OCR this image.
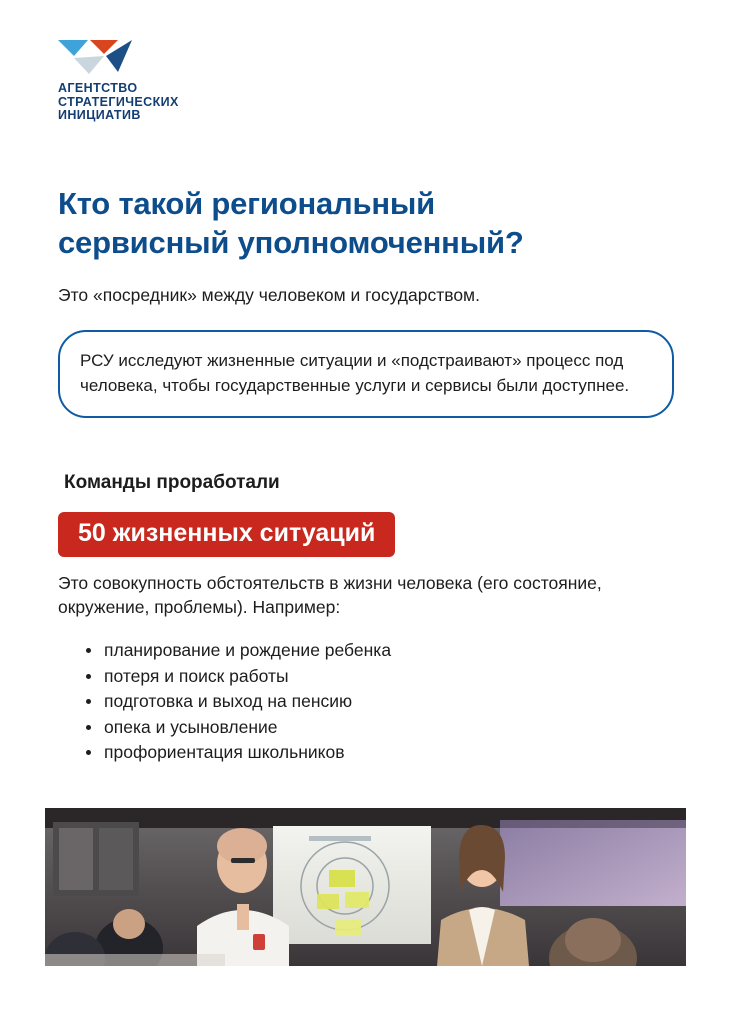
АГЕНТСТВО
СТРАТЕГИЧЕСКИХ
ИНИЦИАТИВ
Кто такой региональный
сервисный уполномоченный?
Это «посредник» между человеком и государством.

РСУ исследуют жизненные ситуации и «подстраивают» процесс под человека, чтобы государственные услуги и сервисы были доступнее.

Команды проработали
50 жизненных ситуаций
Это совокупность обстоятельств в жизни человека (его состояние, окружение, проблемы). Например:
планирование и рождение ребенка
потеря и поиск работы
подготовка и выход на пенсию
опека и усыновление
профориентация школьников
